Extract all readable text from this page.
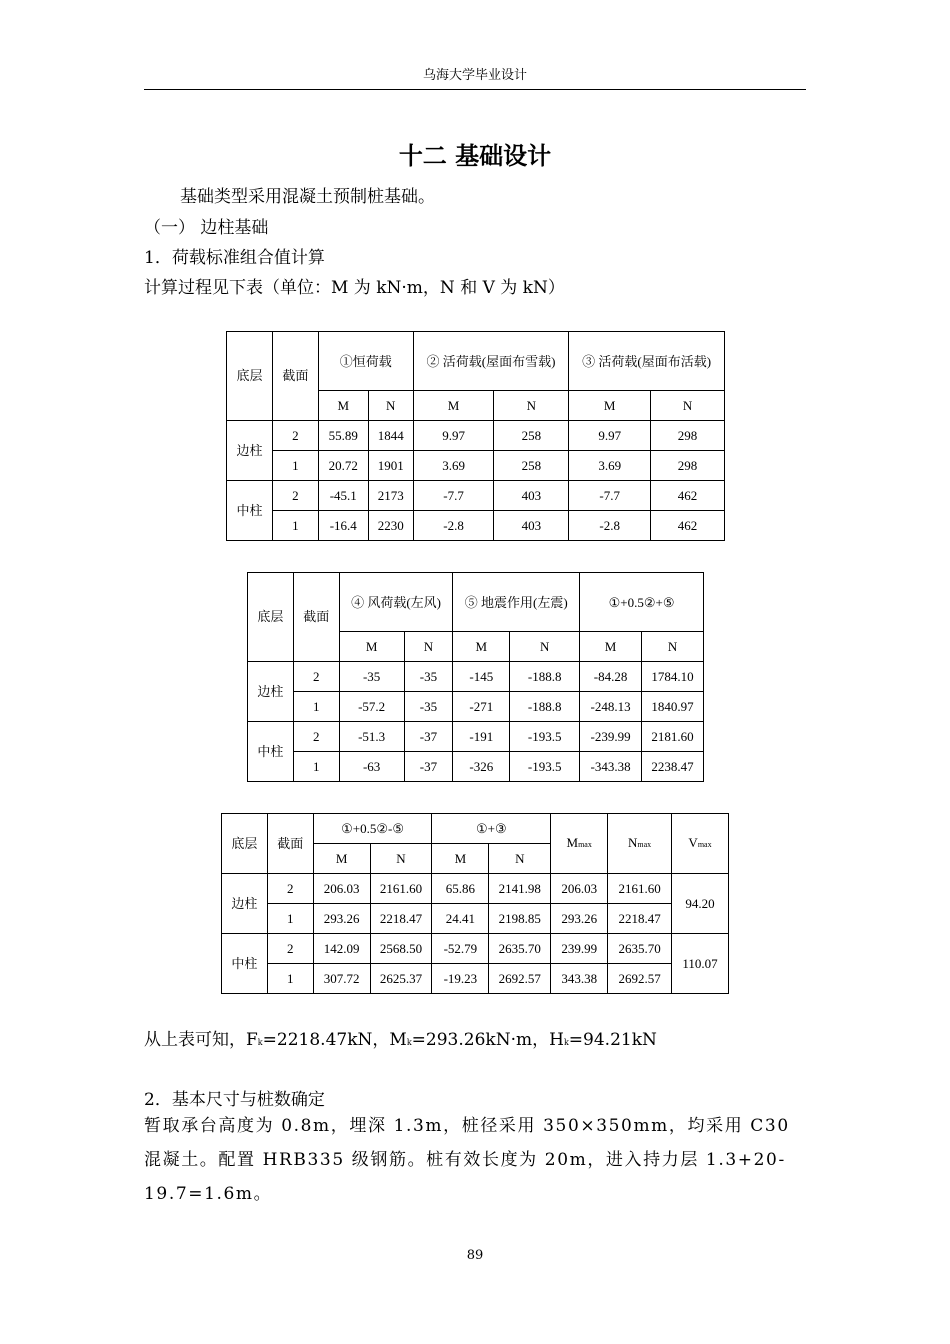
乌海大学毕业设计
十二 基础设计
基础类型采用混凝土预制桩基础。
（一） 边柱基础
1．荷载标准组合值计算
计算过程见下表（单位：M 为 kN·m，N 和 V 为 kN）
底层	截面	①恒荷载		② 活荷载(屋面布雪载)		③ 活荷载(屋面布活载)	
		M	N	M	N	M	N
边柱	2	55.89	1844	9.97	258	9.97	298
	1	20.72	1901	3.69	258	3.69	298
中柱	2	-45.1	2173	-7.7	403	-7.7	462
	1	-16.4	2230	-2.8	403	-2.8	462
底层	截面	④ 风荷载(左风)		⑤ 地震作用(左震)		①+0.5②+⑤	
		M	N	M	N	M	N
边柱	2	-35	-35	-145	-188.8	-84.28	1784.10
	1	-57.2	-35	-271	-188.8	-248.13	1840.97
中柱	2	-51.3	-37	-191	-193.5	-239.99	2181.60
	1	-63	-37	-326	-193.5	-343.38	2238.47
底层	截面	①+0.5②-⑤		①+③		Mmax	Nmax	Vmax
		M	N	M	N			
边柱	2	206.03	2161.60	65.86	2141.98	206.03	2161.60	94.20
	1	293.26	2218.47	24.41	2198.85	293.26	2218.47	
中柱	2	142.09	2568.50	-52.79	2635.70	239.99	2635.70	110.07
	1	307.72	2625.37	-19.23	2692.57	343.38	2692.57	
从上表可知，Fk=2218.47kN，Mk=293.26kN·m，Hk=94.21kN
2．基本尺寸与桩数确定
暂取承台高度为 0.8m，埋深 1.3m，桩径采用 350×350mm，均采用 C30 混凝土。配置 HRB335 级钢筋。桩有效长度为 20m，进入持力层 1.3+20-19.7=1.6m。
89
